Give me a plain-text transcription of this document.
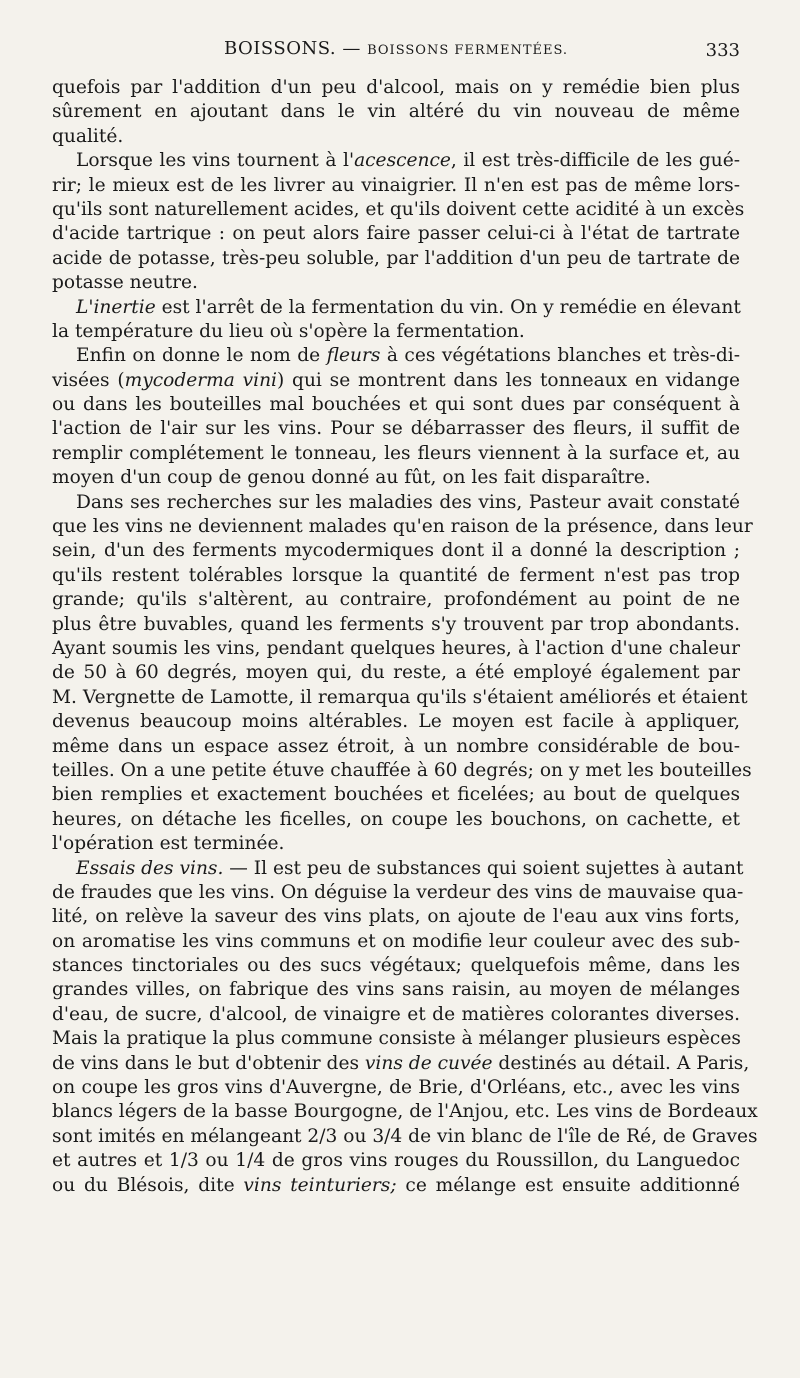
BOISSONS. — BOISSONS FERMENTÉES.	333
quefois par l'addition d'un peu d'alcool, mais on y remédie bien plus
sûrement en ajoutant dans le vin altéré du vin nouveau de même
qualité.
Lorsque les vins tournent à l'acescence, il est très-difficile de les gué-
rir; le mieux est de les livrer au vinaigrier. Il n'en est pas de même lors-
qu'ils sont naturellement acides, et qu'ils doivent cette acidité à un excès
d'acide tartrique : on peut alors faire passer celui-ci à l'état de tartrate
acide de potasse, très-peu soluble, par l'addition d'un peu de tartrate de
potasse neutre.
L'inertie est l'arrêt de la fermentation du vin. On y remédie en élevant
la température du lieu où s'opère la fermentation.
Enfin on donne le nom de fleurs à ces végétations blanches et très-di-
visées (mycoderma vini) qui se montrent dans les tonneaux en vidange
ou dans les bouteilles mal bouchées et qui sont dues par conséquent à
l'action de l'air sur les vins. Pour se débarrasser des fleurs, il suffit de
remplir complétement le tonneau, les fleurs viennent à la surface et, au
moyen d'un coup de genou donné au fût, on les fait disparaître.
Dans ses recherches sur les maladies des vins, Pasteur avait constaté
que les vins ne deviennent malades qu'en raison de la présence, dans leur
sein, d'un des ferments mycodermiques dont il a donné la description ;
qu'ils restent tolérables lorsque la quantité de ferment n'est pas trop
grande; qu'ils s'altèrent, au contraire, profondément au point de ne
plus être buvables, quand les ferments s'y trouvent par trop abondants.
Ayant soumis les vins, pendant quelques heures, à l'action d'une chaleur
de 50 à 60 degrés, moyen qui, du reste, a été employé également par
M. Vergnette de Lamotte, il remarqua qu'ils s'étaient améliorés et étaient
devenus beaucoup moins altérables. Le moyen est facile à appliquer,
même dans un espace assez étroit, à un nombre considérable de bou-
teilles. On a une petite étuve chauffée à 60 degrés; on y met les bouteilles
bien remplies et exactement bouchées et ficelées; au bout de quelques
heures, on détache les ficelles, on coupe les bouchons, on cachette, et
l'opération est terminée.
Essais des vins. — Il est peu de substances qui soient sujettes à autant
de fraudes que les vins. On déguise la verdeur des vins de mauvaise qua-
lité, on relève la saveur des vins plats, on ajoute de l'eau aux vins forts,
on aromatise les vins communs et on modifie leur couleur avec des sub-
stances tinctoriales ou des sucs végétaux; quelquefois même, dans les
grandes villes, on fabrique des vins sans raisin, au moyen de mélanges
d'eau, de sucre, d'alcool, de vinaigre et de matières colorantes diverses.
Mais la pratique la plus commune consiste à mélanger plusieurs espèces
de vins dans le but d'obtenir des vins de cuvée destinés au détail. A Paris,
on coupe les gros vins d'Auvergne, de Brie, d'Orléans, etc., avec les vins
blancs légers de la basse Bourgogne, de l'Anjou, etc. Les vins de Bordeaux
sont imités en mélangeant 2/3 ou 3/4 de vin blanc de l'île de Ré, de Graves
et autres et 1/3 ou 1/4 de gros vins rouges du Roussillon, du Languedoc
ou du Blésois, dite vins teinturiers; ce mélange est ensuite additionné
